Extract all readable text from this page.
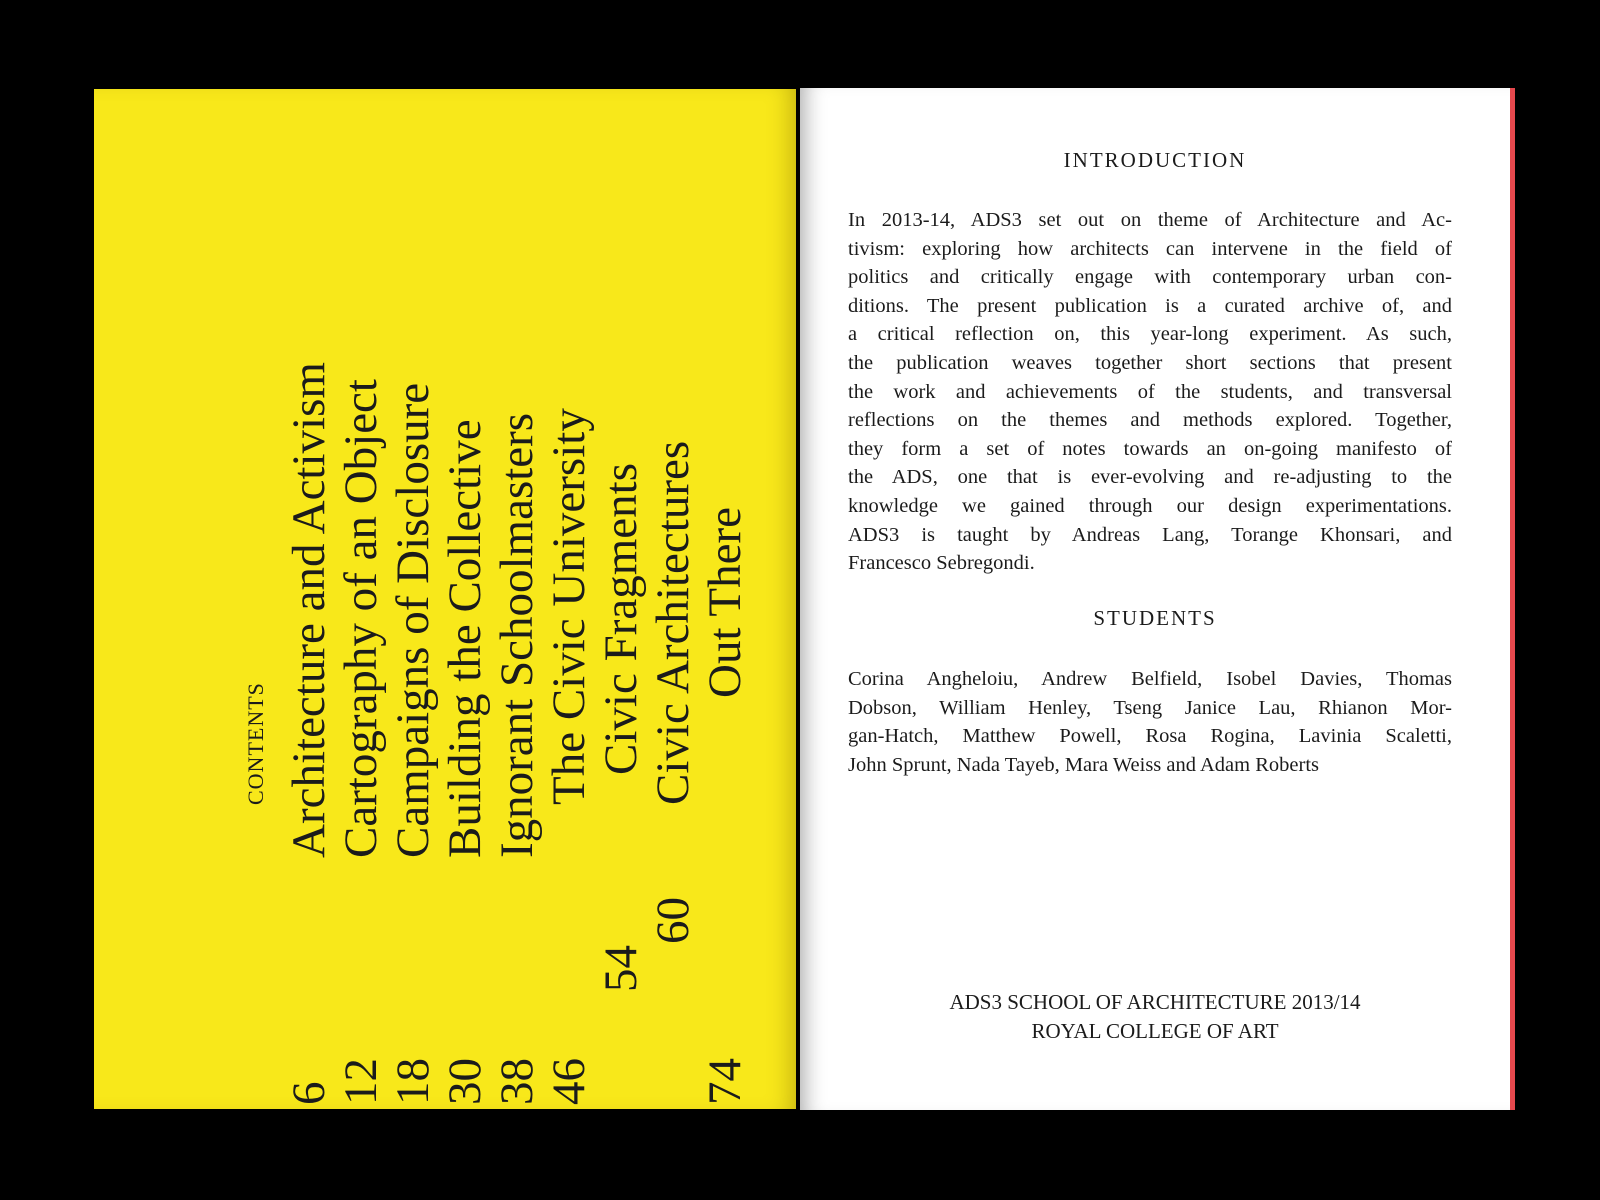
CONTENTS
6
Architecture and Activism
12
Cartography of an Object
18
Campaigns of Disclosure
30
Building the Collective
38
Ignorant Schoolmasters
46
The Civic University
54
Civic Fragments
60
Civic Architectures
74
Out There
INTRODUCTION
In 2013-14, ADS3 set out on theme of Architecture and Ac-
tivism: exploring how architects can intervene in the field of
politics and critically engage with contemporary urban con-
ditions. The present publication is a curated archive of, and
a critical reflection on, this year-long experiment. As such,
the publication weaves together short sections that present
the work and achievements of the students, and transversal
reflections on the themes and methods explored. Together,
they form a set of notes towards an on-going manifesto of
the ADS, one that is ever-evolving and re-adjusting to the
knowledge we gained through our design experimentations.
ADS3 is taught by Andreas Lang, Torange Khonsari, and
Francesco Sebregondi.
STUDENTS
Corina Angheloiu, Andrew Belfield, Isobel Davies, Thomas
Dobson, William Henley, Tseng Janice Lau, Rhianon Mor-
gan-Hatch, Matthew Powell, Rosa Rogina, Lavinia Scaletti,
John Sprunt, Nada Tayeb, Mara Weiss and Adam Roberts
ADS3 SCHOOL OF ARCHITECTURE 2013/14
ROYAL COLLEGE OF ART
